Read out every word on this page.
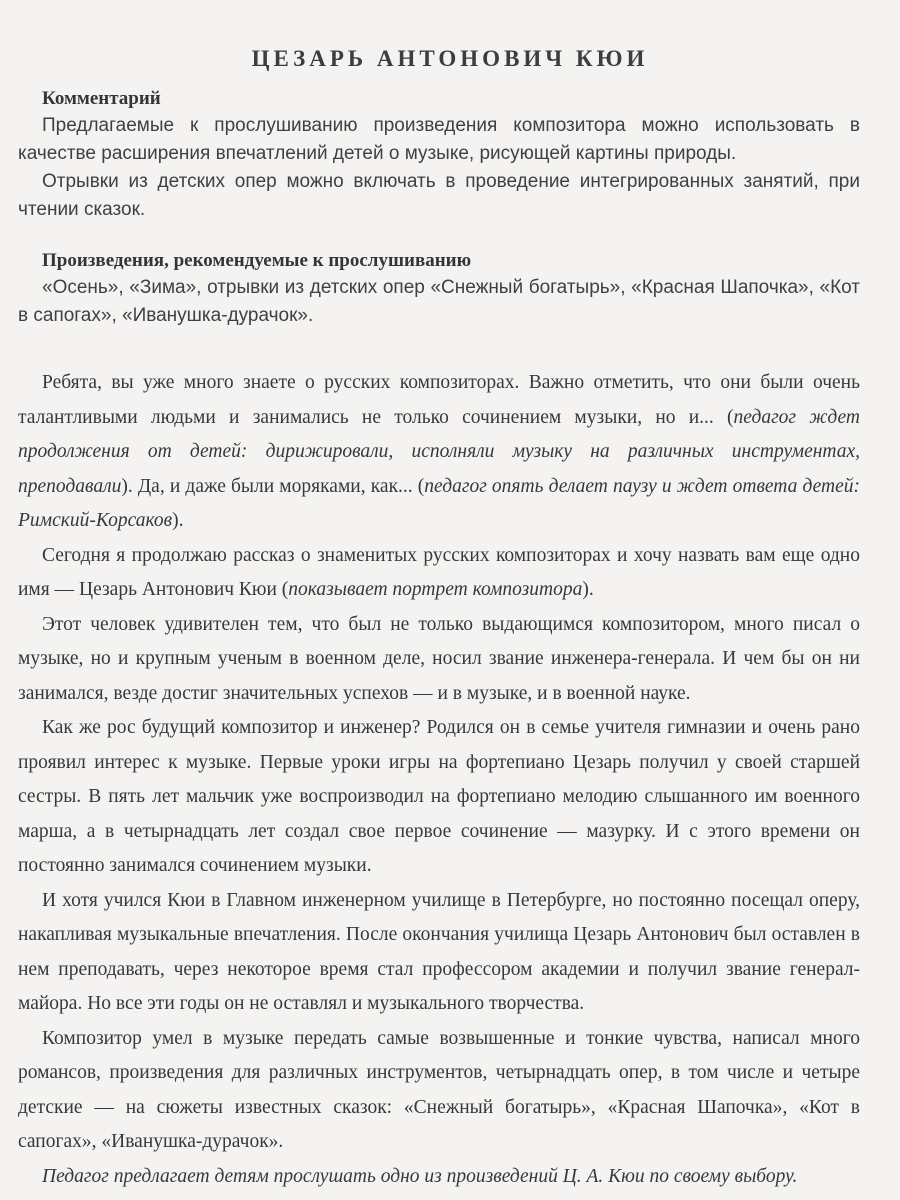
ЦЕЗАРЬ АНТОНОВИЧ КЮИ
Комментарий

Предлагаемые к прослушиванию произведения композитора можно использовать в качестве расширения впечатлений детей о музыке, рисующей картины природы.

Отрывки из детских опер можно включать в проведение интегрированных занятий, при чтении сказок.

Произведения, рекомендуемые к прослушиванию

«Осень», «Зима», отрывки из детских опер «Снежный богатырь», «Красная Шапочка», «Кот в сапогах», «Иванушка-дурачок».

Ребята, вы уже много знаете о русских композиторах. Важно отметить, что они были очень талантливыми людьми и занимались не только сочинением музыки, но и... (педагог ждет продолжения от детей: дирижировали, исполняли музыку на различных инструментах, преподавали). Да, и даже были моряками, как... (педагог опять делает паузу и ждет ответа детей: Римский-Корсаков).

Сегодня я продолжаю рассказ о знаменитых русских композиторах и хочу назвать вам еще одно имя — Цезарь Антонович Кюи (показывает портрет композитора).

Этот человек удивителен тем, что был не только выдающимся композитором, много писал о музыке, но и крупным ученым в военном деле, носил звание инженера-генерала. И чем бы он ни занимался, везде достиг значительных успехов — и в музыке, и в военной науке.

Как же рос будущий композитор и инженер? Родился он в семье учителя гимназии и очень рано проявил интерес к музыке. Первые уроки игры на фортепиано Цезарь получил у своей старшей сестры. В пять лет мальчик уже воспроизводил на фортепиано мелодию слышанного им военного марша, а в четырнадцать лет создал свое первое сочинение — мазурку. И с этого времени он постоянно занимался сочинением музыки.

И хотя учился Кюи в Главном инженерном училище в Петербурге, но постоянно посещал оперу, накапливая музыкальные впечатления. После окончания училища Цезарь Антонович был оставлен в нем преподавать, через некоторое время стал профессором академии и получил звание генерал-майора. Но все эти годы он не оставлял и музыкального творчества.

Композитор умел в музыке передать самые возвышенные и тонкие чувства, написал много романсов, произведения для различных инструментов, четырнадцать опер, в том числе и четыре детские — на сюжеты известных сказок: «Снежный богатырь», «Красная Шапочка», «Кот в сапогах», «Иванушка-дурачок».

Педагог предлагает детям прослушать одно из произведений Ц. А. Кюи по своему выбору.
